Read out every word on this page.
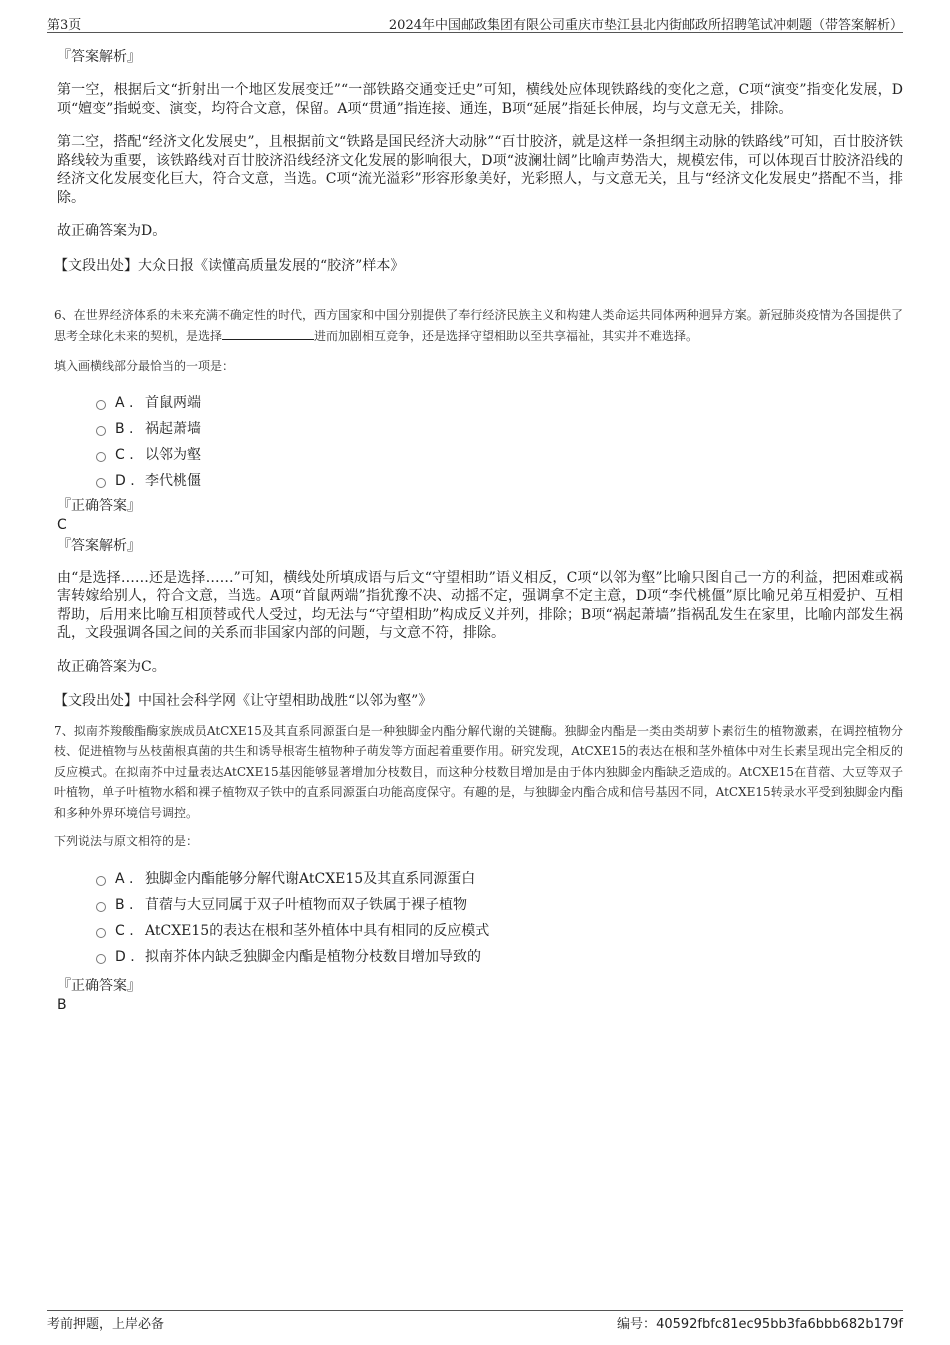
第3页	2024年中国邮政集团有限公司重庆市垫江县北内街邮政所招聘笔试冲刺题（带答案解析）

『答案解析』

第一空，根据后文“折射出一个地区发展变迁”“一部铁路交通变迁史”可知，横线处应体现铁路线的变化之意，C项“演变”指变化发展，D项“嬗变”指蜕变、演变，均符合文意，保留。A项“贯通”指连接、通连，B项“延展”指延长伸展，均与文意无关，排除。

第二空，搭配“经济文化发展史”，且根据前文“铁路是国民经济大动脉”“百廿胶济，就是这样一条担纲主动脉的铁路线”可知，百廿胶济铁路线较为重要，该铁路线对百廿胶济沿线经济文化发展的影响很大，D项“波澜壮阔”比喻声势浩大，规模宏伟，可以体现百廿胶济沿线的经济文化发展变化巨大，符合文意，当选。C项“流光溢彩”形容形象美好，光彩照人，与文意无关，且与“经济文化发展史”搭配不当，排除。

故正确答案为D。

【文段出处】大众日报《读懂高质量发展的“胶济”样本》

6、在世界经济体系的未来充满不确定性的时代，西方国家和中国分别提供了奉行经济民族主义和构建人类命运共同体两种迥异方案。新冠肺炎疫情为各国提供了思考全球化未来的契机，是选择	进而加剧相互竞争，还是选择守望相助以至共享福祉，其实并不难选择。

填入画横线部分最恰当的一项是：

A . 首鼠两端
B . 祸起萧墙
C . 以邻为壑
D . 李代桃僵

『正确答案』

C

『答案解析』

由“是选择……还是选择……”可知，横线处所填成语与后文“守望相助”语义相反，C项“以邻为壑”比喻只图自己一方的利益，把困难或祸害转嫁给别人，符合文意，当选。A项“首鼠两端”指犹豫不决、动摇不定，强调拿不定主意，D项“李代桃僵”原比喻兄弟互相爱护、互相帮助，后用来比喻互相顶替或代人受过，均无法与“守望相助”构成反义并列，排除；B项“祸起萧墙”指祸乱发生在家里，比喻内部发生祸乱，文段强调各国之间的关系而非国家内部的问题，与文意不符，排除。

故正确答案为C。

【文段出处】中国社会科学网《让守望相助战胜“以邻为壑”》

7、拟南芥羧酸酯酶家族成员AtCXE15及其直系同源蛋白是一种独脚金内酯分解代谢的关键酶。独脚金内酯是一类由类胡萝卜素衍生的植物激素，在调控植物分枝、促进植物与丛枝菌根真菌的共生和诱导根寄生植物种子萌发等方面起着重要作用。研究发现，AtCXE15的表达在根和茎外植体中对生长素呈现出完全相反的反应模式。在拟南芥中过量表达AtCXE15基因能够显著增加分枝数目，而这种分枝数目增加是由于体内独脚金内酯缺乏造成的。AtCXE15在苜蓿、大豆等双子叶植物，单子叶植物水稻和裸子植物双子铁中的直系同源蛋白功能高度保守。有趣的是，与独脚金内酯合成和信号基因不同，AtCXE15转录水平受到独脚金内酯和多种外界环境信号调控。

下列说法与原文相符的是：

A . 独脚金内酯能够分解代谢AtCXE15及其直系同源蛋白
B . 苜蓿与大豆同属于双子叶植物而双子铁属于裸子植物
C . AtCXE15的表达在根和茎外植体中具有相同的反应模式
D . 拟南芥体内缺乏独脚金内酯是植物分枝数目增加导致的

『正确答案』

B

考前押题，上岸必备	编号：40592fbfc81ec95bb3fa6bbb682b179f
